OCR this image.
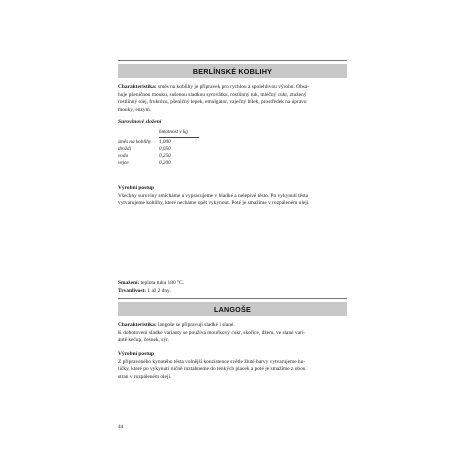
BERLÍNSKÉ KOBLIHY

Charakteristika: směs na koblihy je přípravek pro rychlou a spolehlivou výrobu. Obsa-

huje pšeničnou mouku, sušenou sladkou syrovátku, rostlinný tuk, mléčný cukr, ztužený

rostlinný olej, fruktózu, pšeničný lepek, emulgátor, vaječný bílek, prostředek na úpravu

mouky, enzym.

Surovinové složení
hmotnost v kg
směs na koblihy	1,000
droždí	0,050
voda	0,250
vejce	0,200

Výrobní postup

Všechny suroviny smícháme a vypracujeme v hladké a nelepivé těsto. Po vykynutí těsta

vytvarujeme koblihy, které necháme opět vykynout. Poté je smažíme v rozpáleném oleji.

Smažení: teplota tuku 180 °C.

Trvanlivost: 1 až 2 dny.

LANGOŠE

Charakteristika: langoše se připravují sladké i slané.

K dohotovení sladké varianty se používá moučkový cukr, skořice, džem, ve slané vari-

antě kečup, česnek, sýr.

Výrobní postup

Z připraveného kynutého těsta volnější konzistence světle žluté barvy vytvarujeme hu-

ličky, které po vykynutí ručně roztáhneme do tenkých placek a poté je smažíme z obou

stran v rozpáleném oleji.

44
